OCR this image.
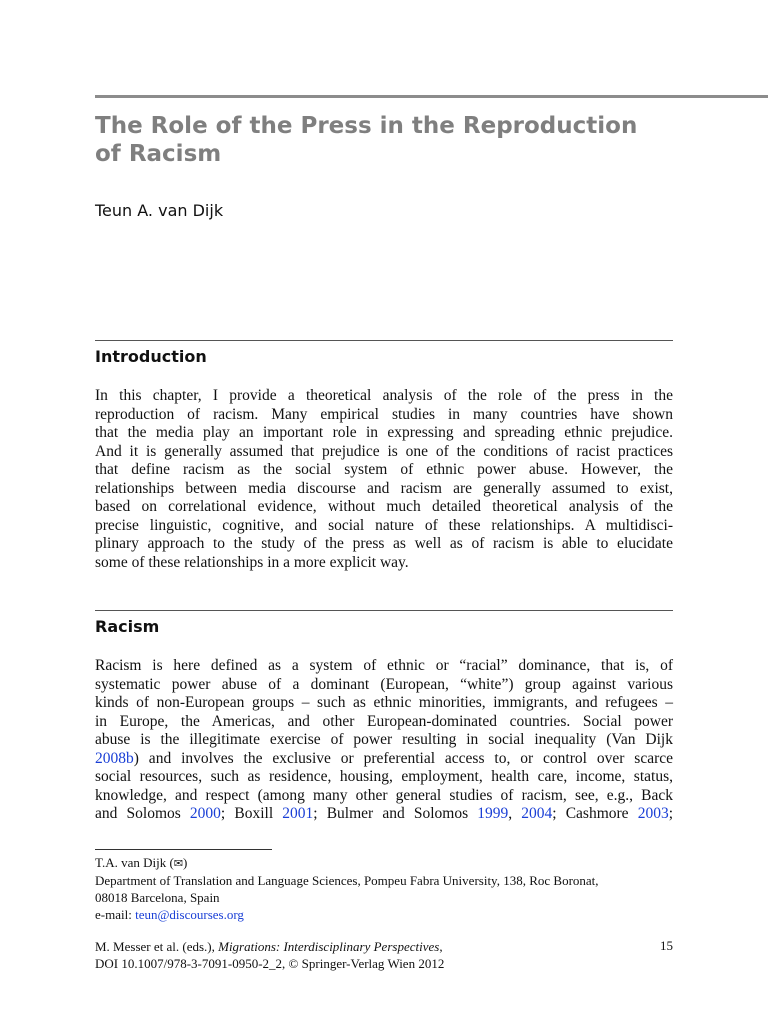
The Role of the Press in the Reproduction
of Racism

Teun A. van Dijk

Introduction
In this chapter, I provide a theoretical analysis of the role of the press in the
reproduction of racism. Many empirical studies in many countries have shown
that the media play an important role in expressing and spreading ethnic prejudice.
And it is generally assumed that prejudice is one of the conditions of racist practices
that define racism as the social system of ethnic power abuse. However, the
relationships between media discourse and racism are generally assumed to exist,
based on correlational evidence, without much detailed theoretical analysis of the
precise linguistic, cognitive, and social nature of these relationships. A multidisci-
plinary approach to the study of the press as well as of racism is able to elucidate
some of these relationships in a more explicit way.
Racism
Racism is here defined as a system of ethnic or “racial” dominance, that is, of
systematic power abuse of a dominant (European, “white”) group against various
kinds of non-European groups – such as ethnic minorities, immigrants, and refugees –
in Europe, the Americas, and other European-dominated countries. Social power
abuse is the illegitimate exercise of power resulting in social inequality (Van Dijk
2008b) and involves the exclusive or preferential access to, or control over scarce
social resources, such as residence, housing, employment, health care, income, status,
knowledge, and respect (among many other general studies of racism, see, e.g., Back
and Solomos 2000; Boxill 2001; Bulmer and Solomos 1999, 2004; Cashmore 2003;
T.A. van Dijk (✉)
Department of Translation and Language Sciences, Pompeu Fabra University, 138, Roc Boronat,
08018 Barcelona, Spain
e-mail: teun@discourses.org
M. Messer et al. (eds.), Migrations: Interdisciplinary Perspectives,
DOI 10.1007/978-3-7091-0950-2_2, © Springer-Verlag Wien 2012
15
